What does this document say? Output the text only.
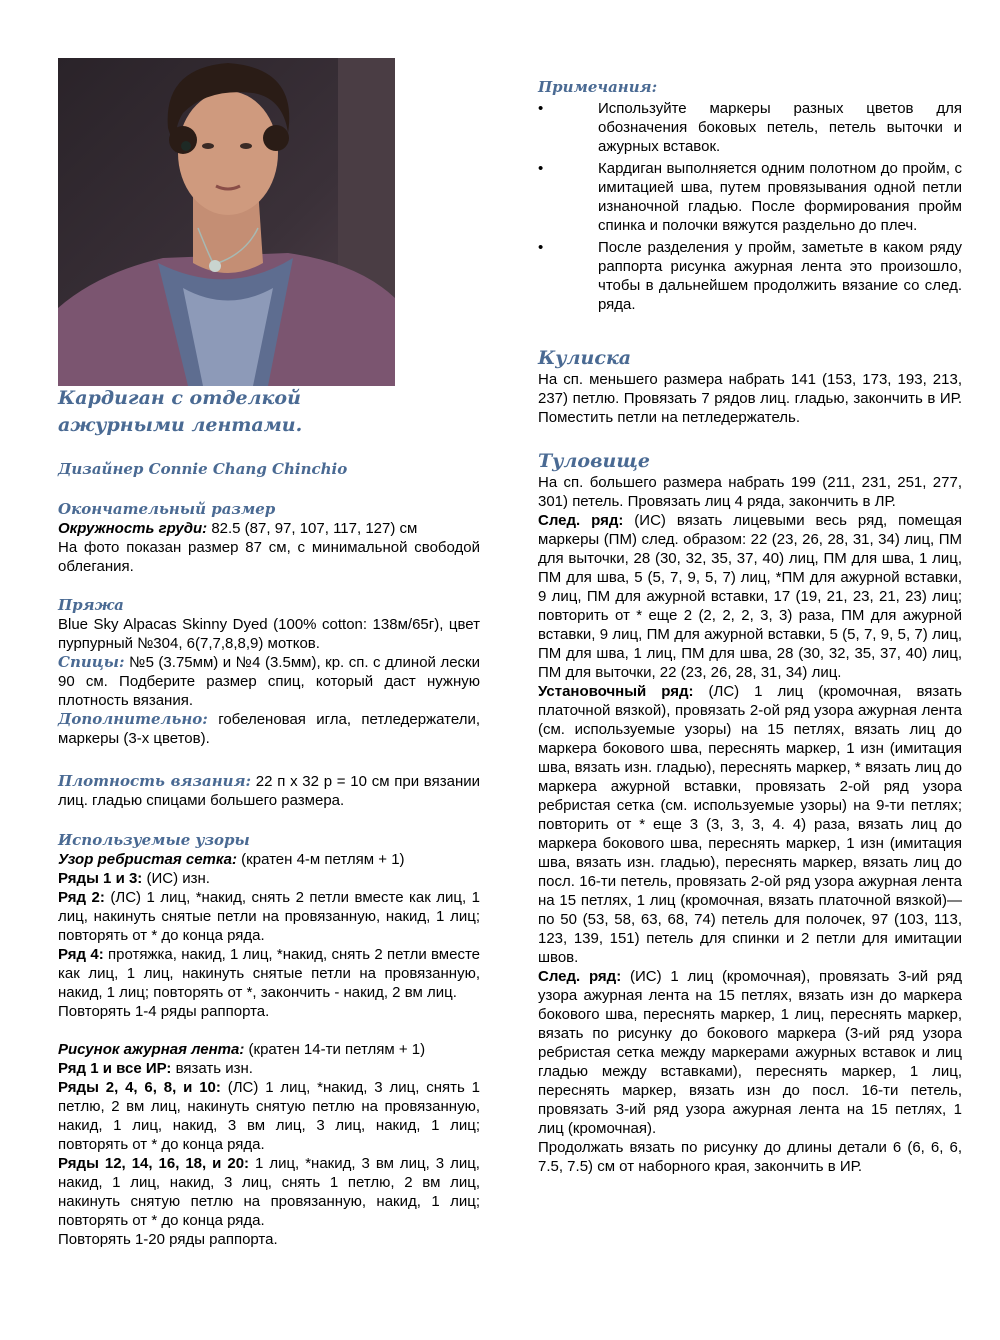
Кардиган с отделкой
ажурными лентами.
Дизайнер Connie Chang Chinchio
Окончательный размер

Окружность груди: 82.5 (87, 97, 107, 117, 127) см

На фото показан размер 87 см, с минимальной свободой облегания.

Пряжа

Blue Sky Alpacas Skinny Dyed (100% cotton: 138м/65г), цвет пурпурный №304, 6(7,7,8,8,9) мотков.

Спицы: №5 (3.75мм) и №4 (3.5мм), кр. сп. с длиной лески 90 см. Подберите размер спиц, который даст нужную плотность вязания.

Дополнительно: гобеленовая игла, петледержатели, маркеры (3-х цветов).

Плотность вязания: 22 п х 32 р = 10 см при вязании лиц. гладью спицами большего размера.

Используемые узоры

Узор ребристая сетка: (кратен 4-м петлям + 1)

Ряды 1 и 3: (ИС) изн.

Ряд 2: (ЛС) 1 лиц, *накид, снять 2 петли вместе как лиц, 1 лиц, накинуть снятые петли на провязанную, накид, 1 лиц; повторять от * до конца ряда.

Ряд 4: протяжка, накид, 1 лиц, *накид, снять 2 петли вместе как лиц, 1 лиц, накинуть снятые петли на провязанную, накид, 1 лиц; повторять от *, закончить - накид, 2 вм лиц.

Повторять 1-4 ряды раппорта.

Рисунок ажурная лента: (кратен 14-ти петлям + 1)

Ряд 1 и все ИР: вязать изн.

Ряды 2, 4, 6, 8, и 10: (ЛС) 1 лиц, *накид, 3 лиц, снять 1 петлю, 2 вм лиц, накинуть снятую петлю на провязанную, накид, 1 лиц, накид, 3 вм лиц, 3 лиц, накид, 1 лиц; повторять от * до конца ряда.

Ряды 12, 14, 16, 18, и 20: 1 лиц, *накид, 3 вм лиц, 3 лиц, накид, 1 лиц, накид, 3 лиц, снять 1 петлю, 2 вм лиц, накинуть снятую петлю на провязанную, накид, 1 лиц; повторять от * до конца ряда.

Повторять 1-20 ряды раппорта.

Примечания:
•	Используйте маркеры разных цветов для обозначения боковых петель, петель выточки и ажурных вставок.
•	Кардиган выполняется одним полотном до пройм, с имитацией шва, путем провязывания одной петли изнаночной гладью. После формирования пройм спинка и полочки вяжутся раздельно до плеч.
•	После разделения у пройм, заметьте в каком ряду раппорта рисунка ажурная лента это произошло, чтобы в дальнейшем продолжить вязание со след. ряда.
Кулиска

На сп. меньшего размера набрать 141 (153, 173, 193, 213, 237) петлю. Провязать 7 рядов лиц. гладью, закончить в ИР. Поместить петли на петледержатель.

Туловище

На сп. большего размера набрать 199 (211, 231, 251, 277, 301) петель. Провязать лиц 4 ряда, закончить в ЛР.

След. ряд: (ИС) вязать лицевыми весь ряд, помещая маркеры (ПМ) след. образом: 22 (23, 26, 28, 31, 34) лиц, ПМ для выточки, 28 (30, 32, 35, 37, 40) лиц, ПМ для шва, 1 лиц, ПМ для шва, 5 (5, 7, 9, 5, 7) лиц, *ПМ для ажурной вставки, 9 лиц, ПМ для ажурной вставки, 17 (19, 21, 23, 21, 23) лиц; повторить от * еще 2 (2, 2, 2, 3, 3) раза, ПМ для ажурной вставки, 9 лиц, ПМ для ажурной вставки, 5 (5, 7, 9, 5, 7) лиц, ПМ для шва, 1 лиц, ПМ для шва, 28 (30, 32, 35, 37, 40) лиц, ПМ для выточки, 22 (23, 26, 28, 31, 34) лиц.

Установочный ряд: (ЛС) 1 лиц (кромочная, вязать платочной вязкой), провязать 2-ой ряд узора ажурная лента (см. используемые узоры) на 15 петлях, вязать лиц до маркера бокового шва, переснять маркер, 1 изн (имитация шва, вязать изн. гладью), переснять маркер, * вязать лиц до маркера ажурной вставки, провязать 2-ой ряд узора ребристая сетка (см. используемые узоры) на 9-ти петлях; повторить от * еще 3 (3, 3, 3, 4. 4) раза, вязать лиц до маркера бокового шва, переснять маркер, 1 изн (имитация шва, вязать изн. гладью), переснять маркер, вязать лиц до посл. 16-ти петель, провязать 2-ой ряд узора ажурная лента на 15 петлях, 1 лиц (кромочная, вязать платочной вязкой)— по 50 (53, 58, 63, 68, 74) петель для полочек, 97 (103, 113, 123, 139, 151) петель для спинки и 2 петли для имитации швов.

След. ряд: (ИС) 1 лиц (кромочная), провязать 3-ий ряд узора ажурная лента на 15 петлях, вязать изн до маркера бокового шва, переснять маркер, 1 лиц, переснять маркер, вязать по рисунку до бокового маркера (3-ий ряд узора ребристая сетка между маркерами ажурных вставок и лиц гладью между вставками), переснять маркер, 1 лиц, переснять маркер, вязать изн до посл. 16-ти петель, провязать 3-ий ряд узора ажурная лента на 15 петлях, 1 лиц (кромочная).

Продолжать вязать по рисунку до длины детали 6 (6, 6, 6, 7.5, 7.5) см от наборного края, закончить в ИР.
